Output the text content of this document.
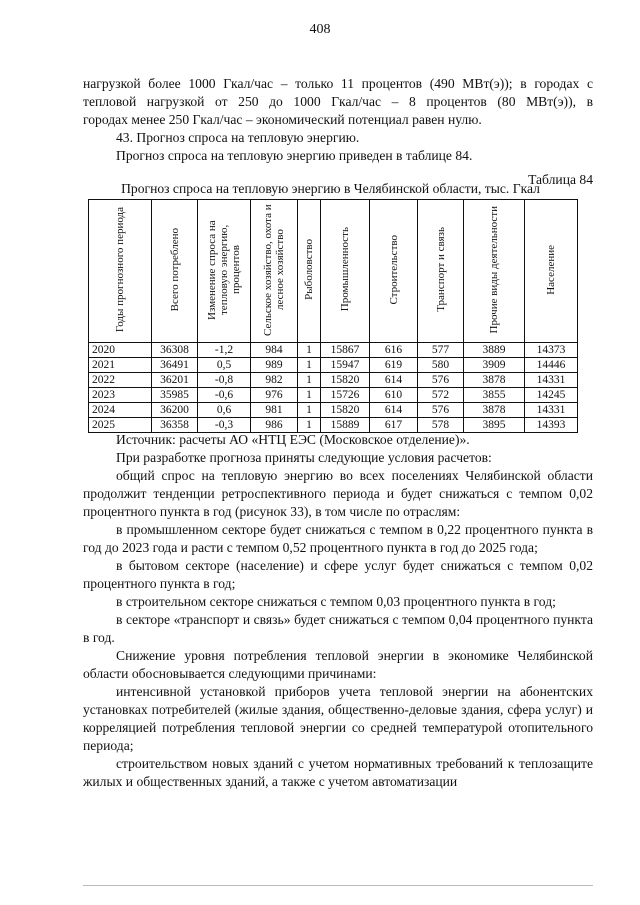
408

нагрузкой более 1000 Гкал/час – только 11 процентов (490 МВт(э)); в городах с

тепловой нагрузкой от 250 до 1000 Гкал/час – 8 процентов (80 МВт(э)), в

городах менее 250 Гкал/час – экономический потенциал равен нулю.

43. Прогноз спроса на тепловую энергию.

Прогноз спроса на тепловую энергию приведен в таблице 84.

Таблица 84
Прогноз спроса на тепловую энергию в Челябинской области, тыс. Гкал
Годы прогнозного периода	Всего потреблено	Изменение спроса на тепловую энергию, процентов	Сельское хозяйство, охота и лесное хозяйство	Рыболовство	Промышленность	Строительство	Транспорт и связь	Прочие виды деятельности	Население
2020	36308	-1,2	984	1	15867	616	577	3889	14373
2021	36491	0,5	989	1	15947	619	580	3909	14446
2022	36201	-0,8	982	1	15820	614	576	3878	14331
2023	35985	-0,6	976	1	15726	610	572	3855	14245
2024	36200	0,6	981	1	15820	614	576	3878	14331
2025	36358	-0,3	986	1	15889	617	578	3895	14393

Источник: расчеты АО «НТЦ ЕЭС (Московское отделение)».

При разработке прогноза приняты следующие условия расчетов:

общий спрос на тепловую энергию во всех поселениях Челябинской области продолжит тенденции ретроспективного периода и будет снижаться с темпом 0,02 процентного пункта в год (рисунок 33), в том числе по отраслям:

в промышленном секторе будет снижаться с темпом в 0,22 процентного пункта в год до 2023 года и расти с темпом 0,52 процентного пункта в год до 2025 года;

в бытовом секторе (население) и сфере услуг будет снижаться с темпом 0,02 процентного пункта в год;

в строительном секторе снижаться с темпом 0,03 процентного пункта в год;

в секторе «транспорт и связь» будет снижаться с темпом 0,04 процентного пункта в год.

Снижение уровня потребления тепловой энергии в экономике Челябинской области обосновывается следующими причинами:

интенсивной установкой приборов учета тепловой энергии на абонентских установках потребителей (жилые здания, общественно-деловые здания, сфера услуг) и корреляцией потребления тепловой энергии со средней температурой отопительного периода;

строительством новых зданий с учетом нормативных требований к теплозащите жилых и общественных зданий, а также с учетом автоматизации
